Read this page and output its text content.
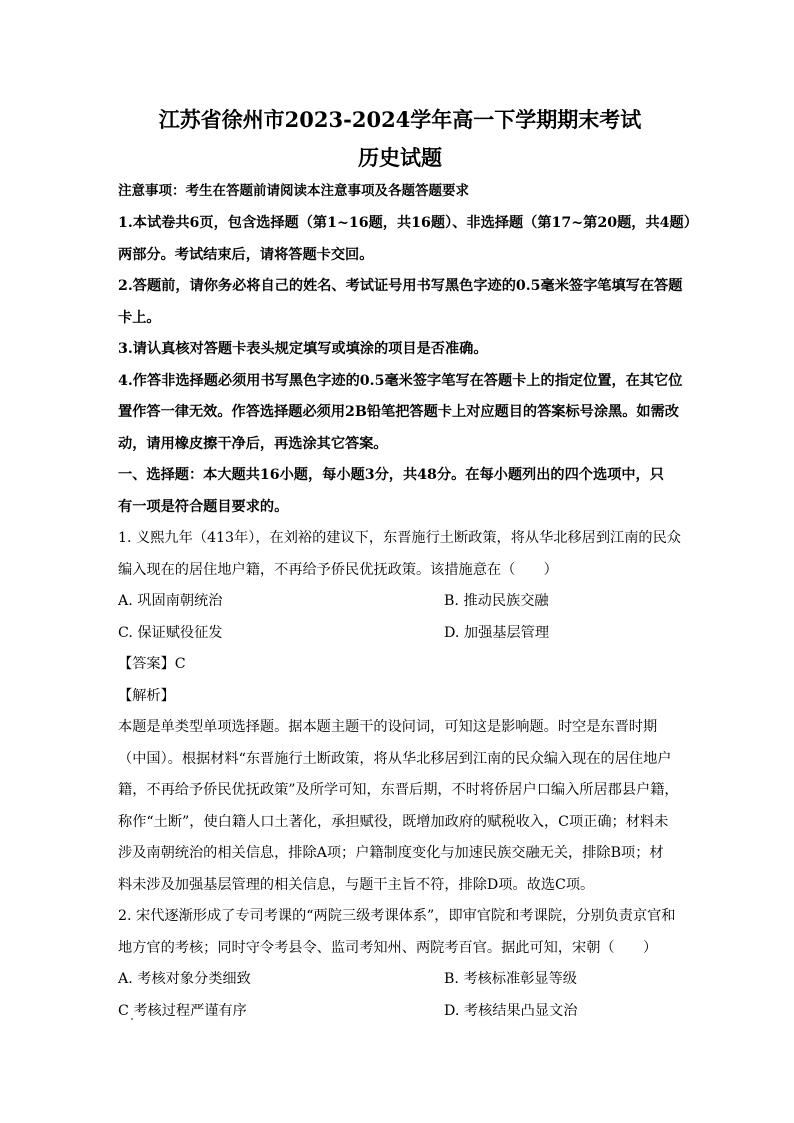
江苏省徐州市2023-2024学年高一下学期期末考试

历史试题

注意事项：考生在答题前请阅读本注意事项及各题答题要求

1.本试卷共6页，包含选择题（第1~16题，共16题）、非选择题（第17~第20题，共4题）

两部分。考试结束后，请将答题卡交回。

2.答题前，请你务必将自己的姓名、考试证号用书写黑色字迹的0.5毫米签字笔填写在答题

卡上。

3.请认真核对答题卡表头规定填写或填涂的项目是否准确。

4.作答非选择题必须用书写黑色字迹的0.5毫米签字笔写在答题卡上的指定位置，在其它位

置作答一律无效。作答选择题必须用2B铅笔把答题卡上对应题目的答案标号涂黑。如需改

动，请用橡皮擦干净后，再选涂其它答案。

一、选择题：本大题共16小题，每小题3分，共48分。在每小题列出的四个选项中，只

有一项是符合题目要求的。

1. 义熙九年（413年），在刘裕的建议下，东晋施行土断政策，将从华北移居到江南的民众

编入现在的居住地户籍，不再给予侨民优抚政策。该措施意在（　　）

A. 巩固南朝统治	B. 推动民族交融
C. 保证赋役征发	D. 加强基层管理

【答案】C

【解析】

本题是单类型单项选择题。据本题主题干的设问词，可知这是影响题。时空是东晋时期

（中国）。根据材料“东晋施行土断政策，将从华北移居到江南的民众编入现在的居住地户

籍，不再给予侨民优抚政策”及所学可知，东晋后期，不时将侨居户口编入所居郡县户籍，

称作“土断”，使白籍人口土著化，承担赋役，既增加政府的赋税收入，C项正确；材料未

涉及南朝统治的相关信息，排除A项；户籍制度变化与加速民族交融无关，排除B项；材

料未涉及加强基层管理的相关信息，与题干主旨不符，排除D项。故选C项。

2. 宋代逐渐形成了专司考课的“两院三级考课体系”，即审官院和考课院，分别负责京官和

地方官的考核；同时守令考县令、监司考知州、两院考百官。据此可知，宋朝（　　）

A. 考核对象分类细致	B. 考核标准彰显等级
C 考核过程严谨有序	D. 考核结果凸显文治
